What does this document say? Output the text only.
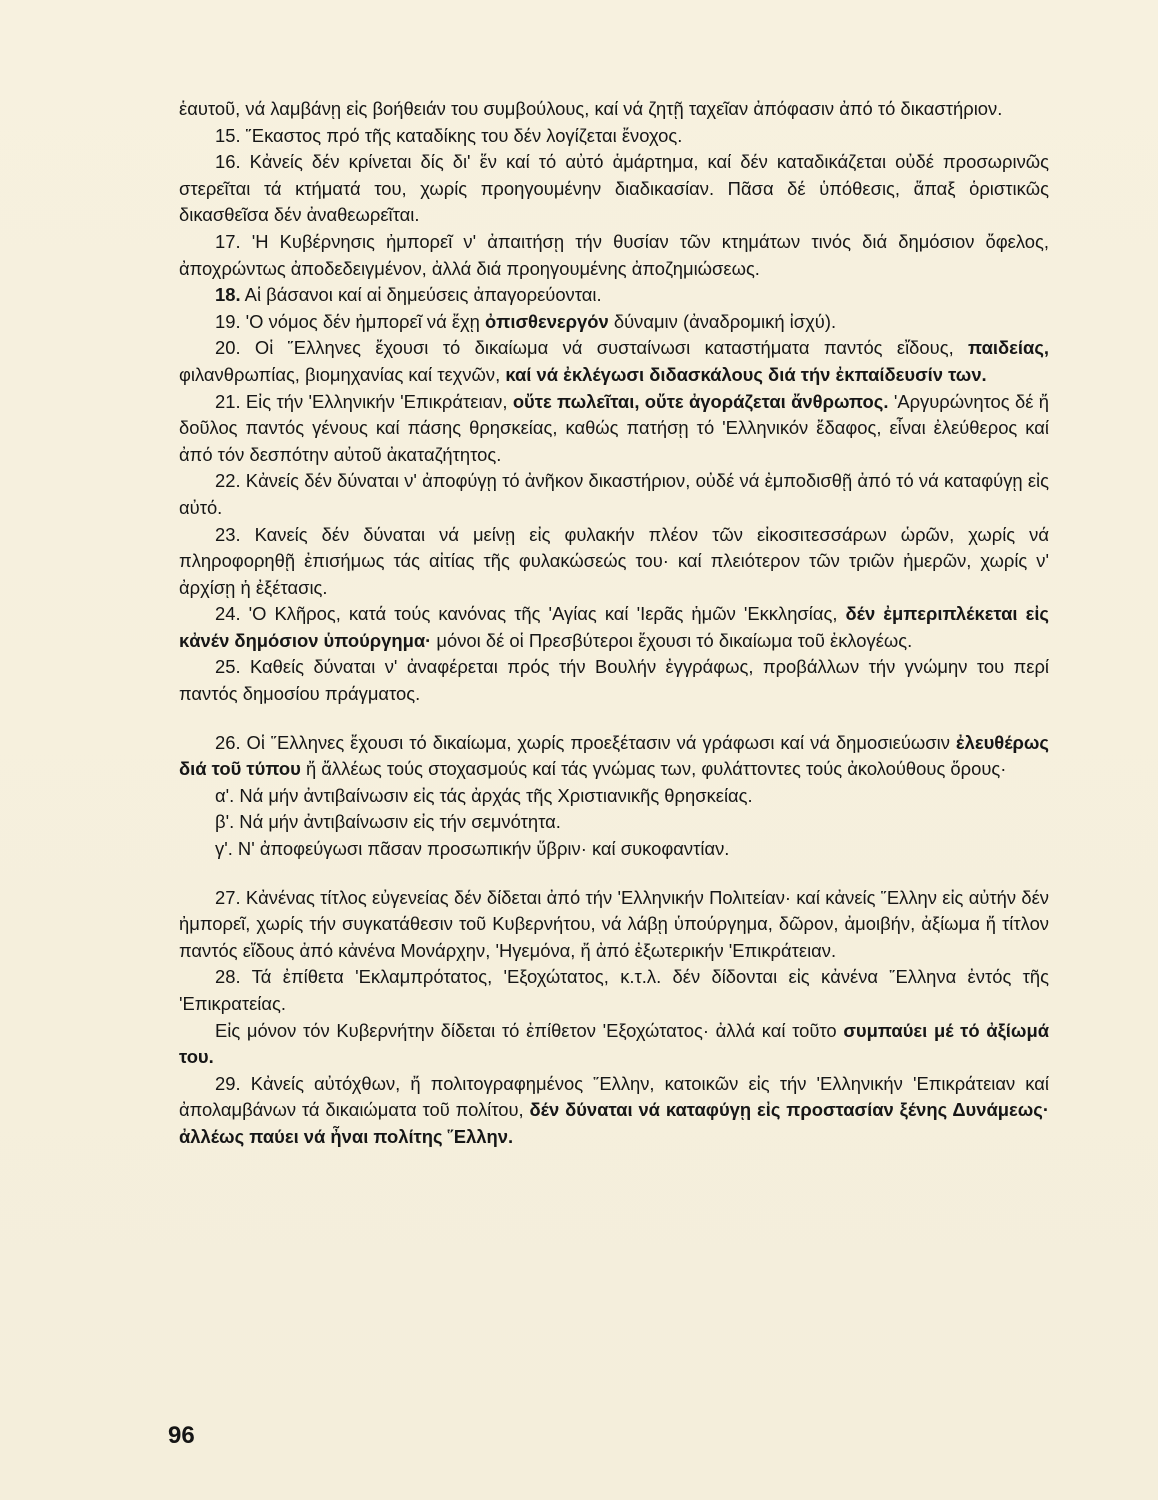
ἑαυτοῦ, νά λαμβάνῃ εἰς βοήθειάν του συμβούλους, καί νά ζητῇ ταχεῖαν ἀπόφασιν ἀπό τό δικαστήριον.

15. ῞Εκαστος πρό τῆς καταδίκης του δέν λογίζεται ἔνοχος.

16. Κἀνείς δέν κρίνεται δίς δι' ἕν καί τό αὐτό ἁμάρτημα, καί δέν καταδικάζεται οὐδέ προσωρινῶς στερεῖται τά κτήματά του, χωρίς προηγουμένην διαδικασίαν. Πᾶσα δέ ὑπόθεσις, ἅπαξ ὁριστικῶς δικασθεῖσα δέν ἀναθεωρεῖται.

17. 'Η Κυβέρνησις ἠμπορεῖ ν' ἀπαιτήσῃ τήν θυσίαν τῶν κτημάτων τινός διά δημόσιον ὄφελος, ἀποχρώντως ἀποδεδειγμένον, ἀλλά διά προηγουμένης ἀποζημιώσεως.

18. Αἱ βάσανοι καί αἱ δημεύσεις ἀπαγορεύονται.

19. 'Ο νόμος δέν ἠμπορεῖ νά ἔχῃ ὀπισθενεργόν δύναμιν (ἀναδρομική ἰσχύ).

20. Οἱ ῞Ελληνες ἔχουσι τό δικαίωμα νά συσταίνωσι καταστήματα παντός εἴδους, παιδείας, φιλανθρωπίας, βιομηχανίας καί τεχνῶν, καί νά ἐκλέγωσι διδασκάλους διά τήν ἐκπαίδευσίν των.

21. Εἰς τήν 'Ελληνικήν 'Επικράτειαν, οὔτε πωλεῖται, οὔτε ἀγοράζεται ἄνθρωπος. 'Αργυρώνητος δέ ἤ δοῦλος παντός γένους καί πάσης θρησκείας, καθώς πατήσῃ τό 'Ελληνικόν ἔδαφος, εἶναι ἐλεύθερος καί ἀπό τόν δεσπότην αὐτοῦ ἀκαταζήτητος.

22. Κἀνείς δέν δύναται ν' ἀποφύγῃ τό ἀνῆκον δικαστήριον, οὐδέ νά ἐμποδισθῇ ἀπό τό νά καταφύγῃ εἰς αὐτό.

23. Κανείς δέν δύναται νά μείνῃ εἰς φυλακήν πλέον τῶν εἰκοσιτεσσάρων ὡρῶν, χωρίς νά πληροφορηθῇ ἐπισήμως τάς αἰτίας τῆς φυλακώσεώς του· καί πλειότερον τῶν τριῶν ἡμερῶν, χωρίς ν' ἀρχίσῃ ἡ ἐξέτασις.

24. 'Ο Κλῆρος, κατά τούς κανόνας τῆς 'Αγίας καί 'Ιερᾶς ἡμῶν 'Εκκλησίας, δέν ἐμπεριπλέκεται εἰς κἀνέν δημόσιον ὑπούργημα· μόνοι δέ οἱ Πρεσβύτεροι ἔχουσι τό δικαίωμα τοῦ ἐκλογέως.

25. Καθείς δύναται ν' ἀναφέρεται πρός τήν Βουλήν ἐγγράφως, προβάλλων τήν γνώμην του περί παντός δημοσίου πράγματος.

26. Οἱ ῞Ελληνες ἔχουσι τό δικαίωμα, χωρίς προεξέτασιν νά γράφωσι καί νά δημοσιεύωσιν ἐλευθέρως διά τοῦ τύπου ἤ ἄλλέως τούς στοχασμούς καί τάς γνώμας των, φυλάττοντες τούς ἀκολούθους ὅρους·

α'. Νά μήν ἀντιβαίνωσιν εἰς τάς ἀρχάς τῆς Χριστιανικῆς θρησκείας.

β'. Νά μήν ἀντιβαίνωσιν εἰς τήν σεμνότητα.

γ'. Ν' ἀποφεύγωσι πᾶσαν προσωπικήν ὕβριν· καί συκοφαντίαν.

27. Κἀνένας τίτλος εὐγενείας δέν δίδεται ἀπό τήν 'Ελληνικήν Πολιτείαν· καί κἀνείς ῞Ελλην εἰς αὐτήν δέν ἠμπορεῖ, χωρίς τήν συγκατάθεσιν τοῦ Κυβερνήτου, νά λάβῃ ὑπούργημα, δῶρον, ἀμοιβήν, ἀξίωμα ἤ τίτλον παντός εἴδους ἀπό κἀνένα Μονάρχην, 'Ηγεμόνα, ἤ ἀπό ἐξωτερικήν 'Επικράτειαν.

28. Τά ἐπίθετα 'Εκλαμπρότατος, 'Εξοχώτατος, κ.τ.λ. δέν δίδονται εἰς κἀνένα ῞Ελληνα ἐντός τῆς 'Επικρατείας.

Εἰς μόνον τόν Κυβερνήτην δίδεται τό ἐπίθετον 'Εξοχώτατος· ἀλλά καί τοῦτο συμπαύει μέ τό ἀξίωμά του.

29. Κἀνείς αὐτόχθων, ἤ πολιτογραφημένος ῞Ελλην, κατοικῶν εἰς τήν 'Ελληνικήν 'Επικράτειαν καί ἀπολαμβάνων τά δικαιώματα τοῦ πολίτου, δέν δύναται νά καταφύγῃ εἰς προστασίαν ξένης Δυνάμεως· ἀλλέως παύει νά ἦναι πολίτης ῞Ελλην.

96
